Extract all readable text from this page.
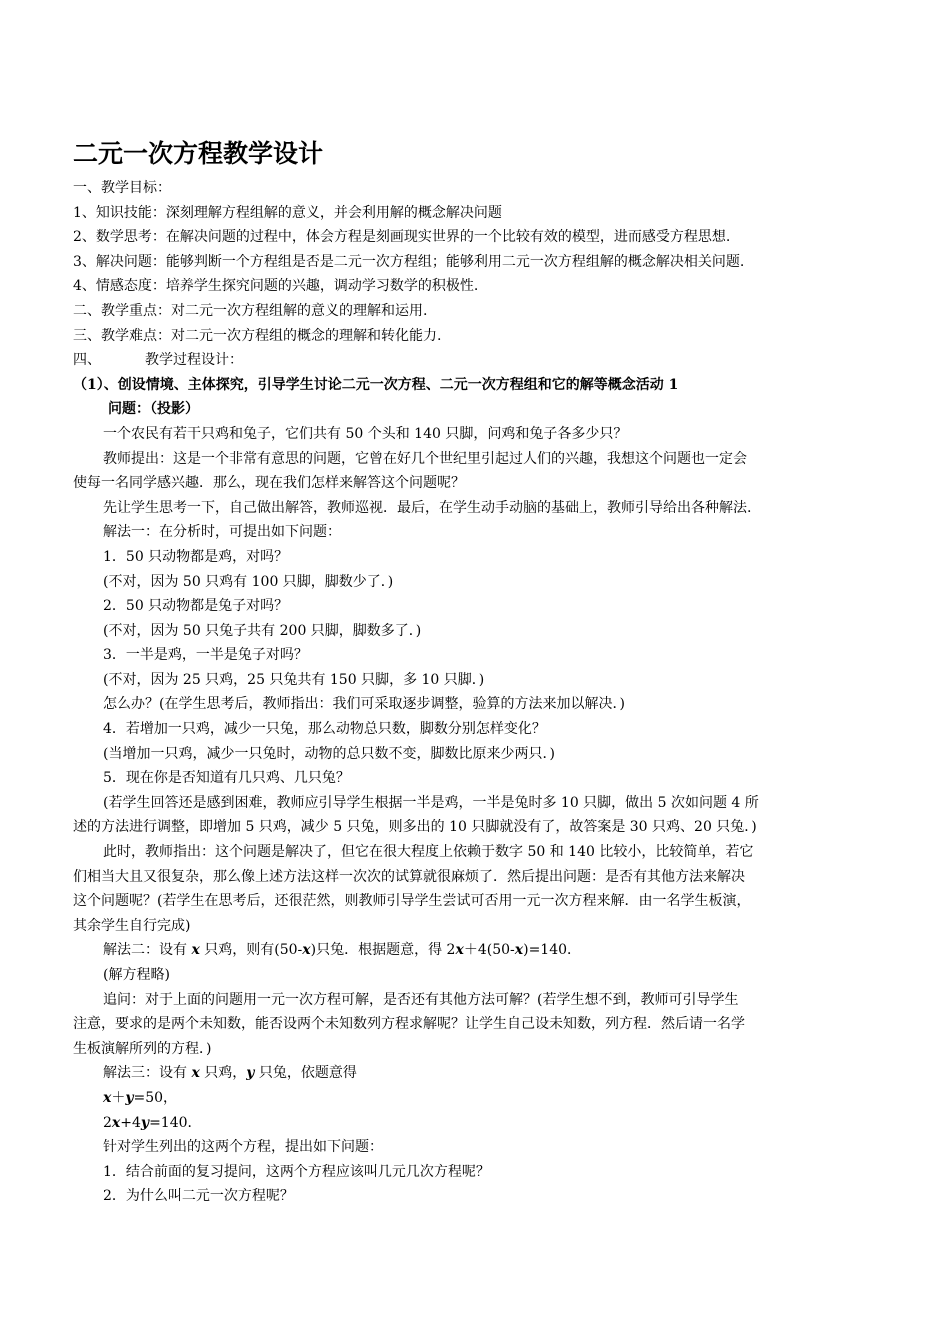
二元一次方程教学设计
一、教学目标：
1、知识技能：深刻理解方程组解的意义，并会利用解的概念解决问题
2、数学思考：在解决问题的过程中，体会方程是刻画现实世界的一个比较有效的模型，进而感受方程思想.
3、解决问题：能够判断一个方程组是否是二元一次方程组；能够利用二元一次方程组解的概念解决相关问题.
4、情感态度：培养学生探究问题的兴趣，调动学习数学的积极性.
二、教学重点：对二元一次方程组解的意义的理解和运用.
三、教学难点：对二元一次方程组的概念的理解和转化能力.
四、	教学过程设计：
（1）、创设情境、主体探究，引导学生讨论二元一次方程、二元一次方程组和它的解等概念活动 1
问题：（投影）
一个农民有若干只鸡和兔子，它们共有 50 个头和 140 只脚，问鸡和兔子各多少只？
教师提出：这是一个非常有意思的问题，它曾在好几个世纪里引起过人们的兴趣，我想这个问题也一定会
使每一名同学感兴趣．那么，现在我们怎样来解答这个问题呢？
先让学生思考一下，自己做出解答，教师巡视．最后，在学生动手动脑的基础上，教师引导给出各种解法.
解法一：在分析时，可提出如下问题：
1．50 只动物都是鸡，对吗？
(不对，因为 50 只鸡有 100 只脚，脚数少了．)
2．50 只动物都是兔子对吗？
(不对，因为 50 只兔子共有 200 只脚，脚数多了．)
3．一半是鸡，一半是兔子对吗？
(不对，因为 25 只鸡，25 只兔共有 150 只脚，多 10 只脚．)
怎么办？(在学生思考后，教师指出：我们可采取逐步调整，验算的方法来加以解决．)
4．若增加一只鸡，减少一只兔，那么动物总只数，脚数分别怎样变化？
(当增加一只鸡，减少一只兔时，动物的总只数不变，脚数比原来少两只．)
5．现在你是否知道有几只鸡、几只兔？
(若学生回答还是感到困难，教师应引导学生根据一半是鸡，一半是兔时多 10 只脚，做出 5 次如问题 4 所
述的方法进行调整，即增加 5 只鸡，减少 5 只兔，则多出的 10 只脚就没有了，故答案是 30 只鸡、20 只兔．)
此时，教师指出：这个问题是解决了，但它在很大程度上依赖于数字 50 和 140 比较小，比较简单，若它
们相当大且又很复杂，那么像上述方法这样一次次的试算就很麻烦了．然后提出问题：是否有其他方法来解决
这个问题呢？(若学生在思考后，还很茫然，则教师引导学生尝试可否用一元一次方程来解．由一名学生板演，
其余学生自行完成)
解法二：设有 x 只鸡，则有(50-x)只兔．根据题意，得 2x＋4(50-x)=140．
(解方程略)
追问：对于上面的问题用一元一次方程可解，是否还有其他方法可解？(若学生想不到，教师可引导学生
注意，要求的是两个未知数，能否设两个未知数列方程求解呢？让学生自己设未知数，列方程．然后请一名学
生板演解所列的方程．)
解法三：设有 x 只鸡，y 只兔，依题意得
x＋y=50，
2x+4y=140．
针对学生列出的这两个方程，提出如下问题：
1．结合前面的复习提问，这两个方程应该叫几元几次方程呢？
2．为什么叫二元一次方程呢？
